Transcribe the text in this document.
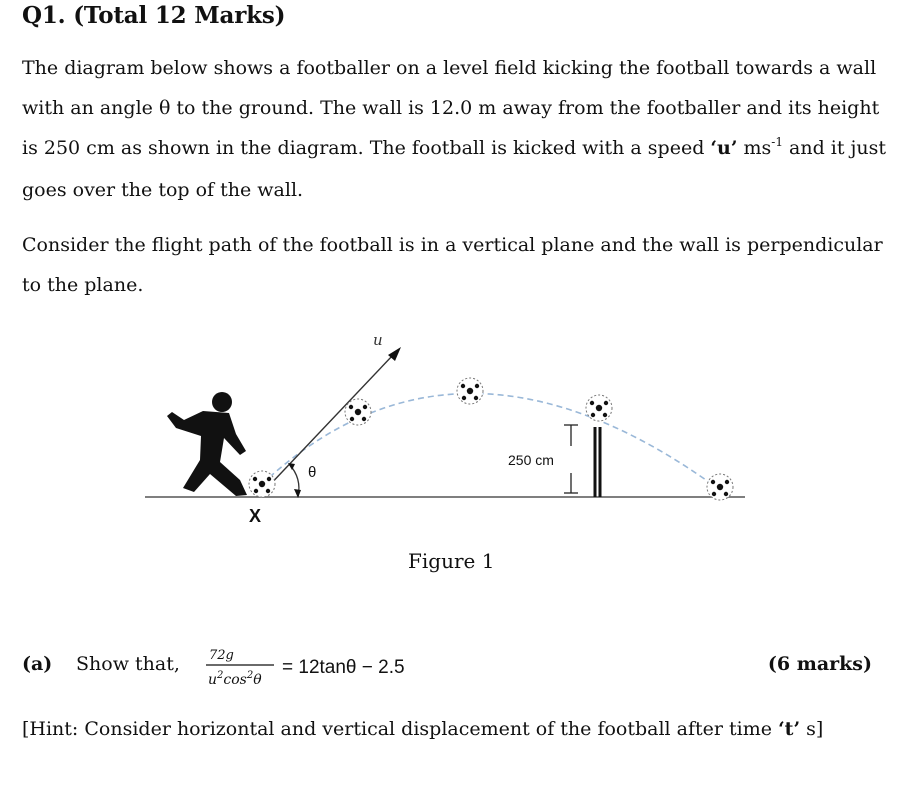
Q1. (Total 12 Marks)
The diagram below shows a footballer on a level field kicking the football towards a wall
with an angle θ to the ground. The wall is 12.0 m away from the footballer and its height
is 250 cm as shown in the diagram. The football is kicked with a speed ‘u’ $ms^{-1}$ and it just
goes over the top of the wall.
Consider the flight path of the football is in a vertical plane and the wall is perpendicular
to the plane.
u
θ
X
250 cm
Figure 1
(a) Show that, 72g
$u^2\cos^2\theta$
= 12tanθ − 2.5	(6 marks)
[Hint: Consider horizontal and vertical displacement of the football after time ‘t’ s]
